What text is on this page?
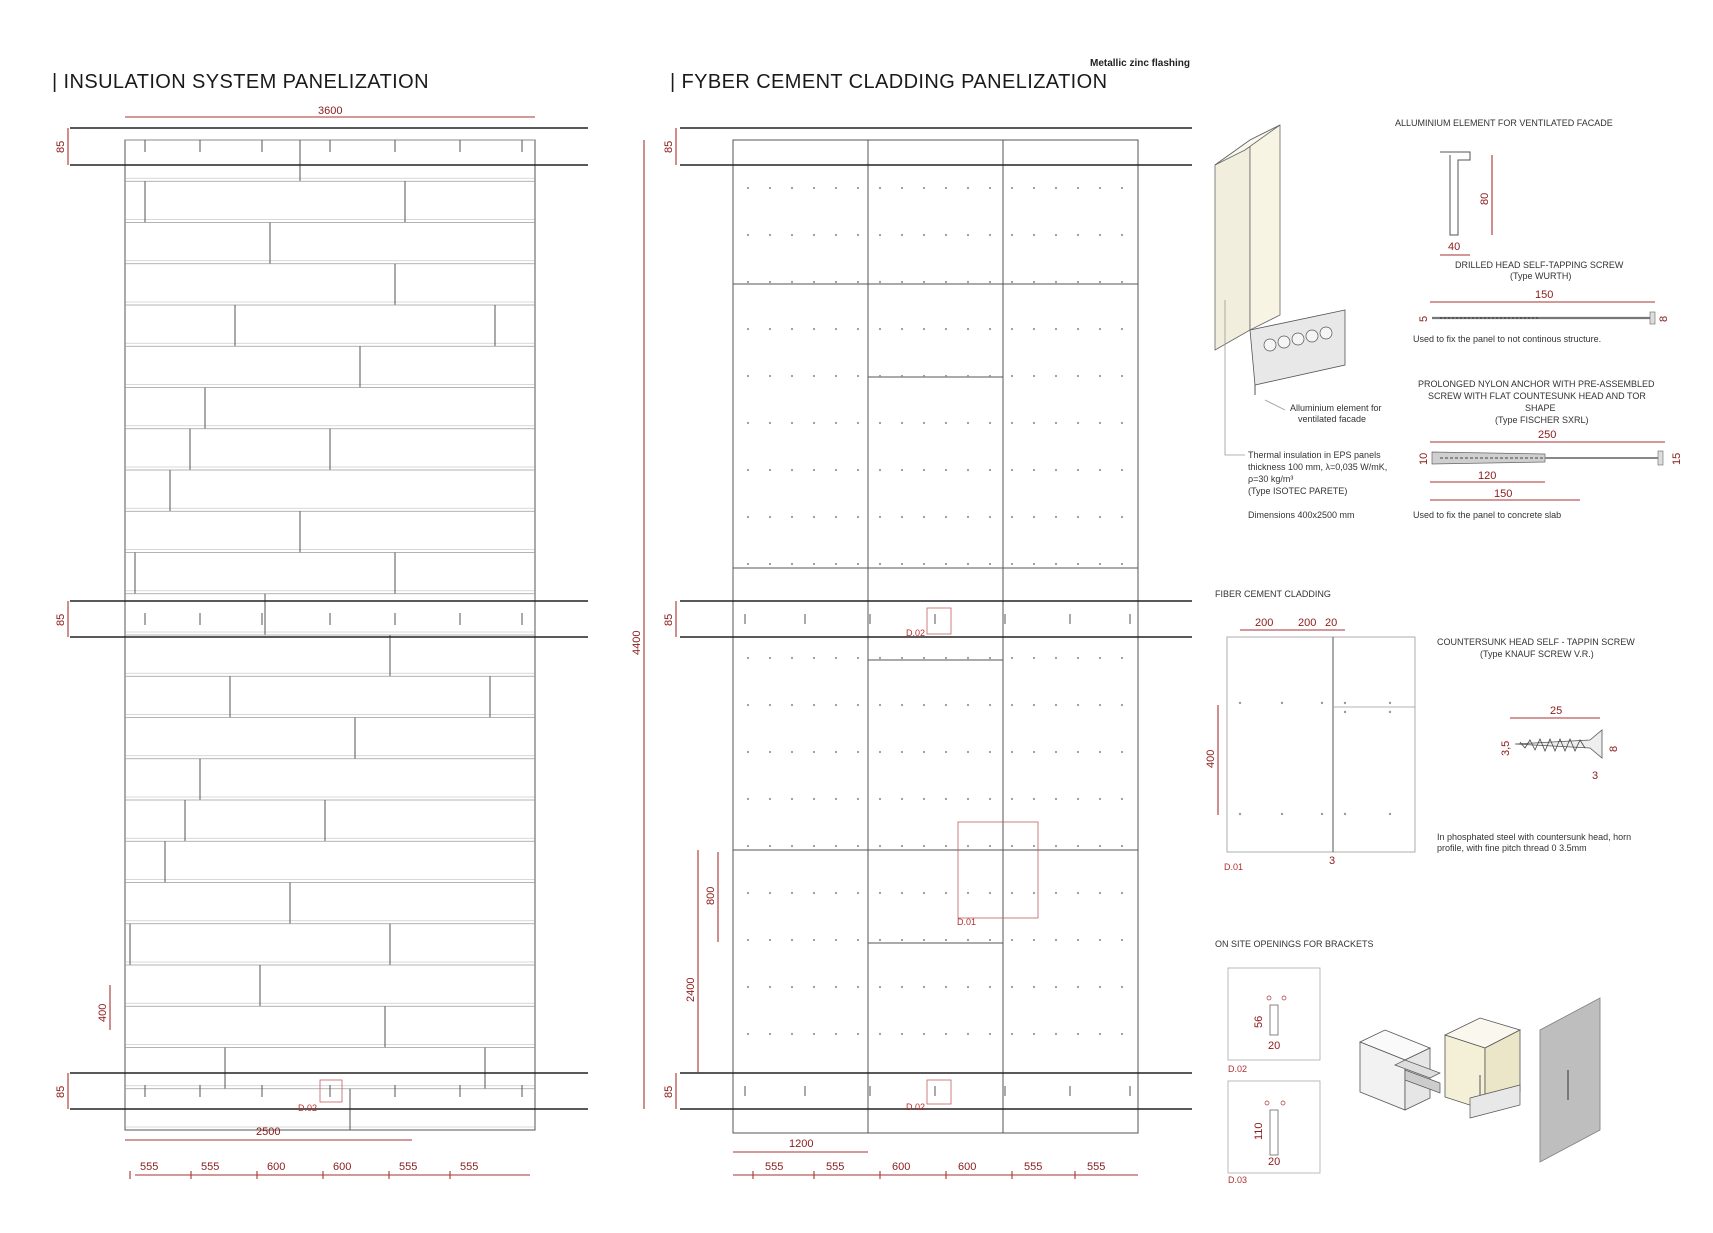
| INSULATION SYSTEM PANELIZATION	| FYBER CEMENT CLADDING PANELIZATION
Metallic zinc flashing
3600
85
85
85
400
D.02
2500
555	555	600	600	555	555
4400
85
85
85
2400
800
D.02
D.01
D.02
1200
555	555	600	600	555	555
Alluminium element for
ventilated facade
Thermal insulation in EPS panels
thickness 100 mm, λ=0,035 W/mK,
ρ=30 kg/m³
(Type ISOTEC PARETE)
Dimensions 400x2500 mm
ALLUMINIUM ELEMENT FOR VENTILATED FACADE
80
40
DRILLED HEAD SELF-TAPPING SCREW
(Type WURTH)
150
5	8
Used to fix the panel to not continous structure.
PROLONGED NYLON ANCHOR WITH PRE-ASSEMBLED
SCREW WITH FLAT COUNTESUNK HEAD AND TOR
SHAPE
(Type FISCHER SXRL)
250
10	15
120
150
Used to fix the panel to concrete slab
FIBER CEMENT CLADDING
200 200 20
400
3
D.01
COUNTERSUNK HEAD SELF - TAPPIN SCREW
(Type KNAUF SCREW V.R.)
25
3,5	8
3
In phosphated steel with countersunk head, horn
profile, with fine pitch thread 0 3.5mm
ON SITE OPENINGS FOR BRACKETS
56
20
D.02
110
20
D.03
